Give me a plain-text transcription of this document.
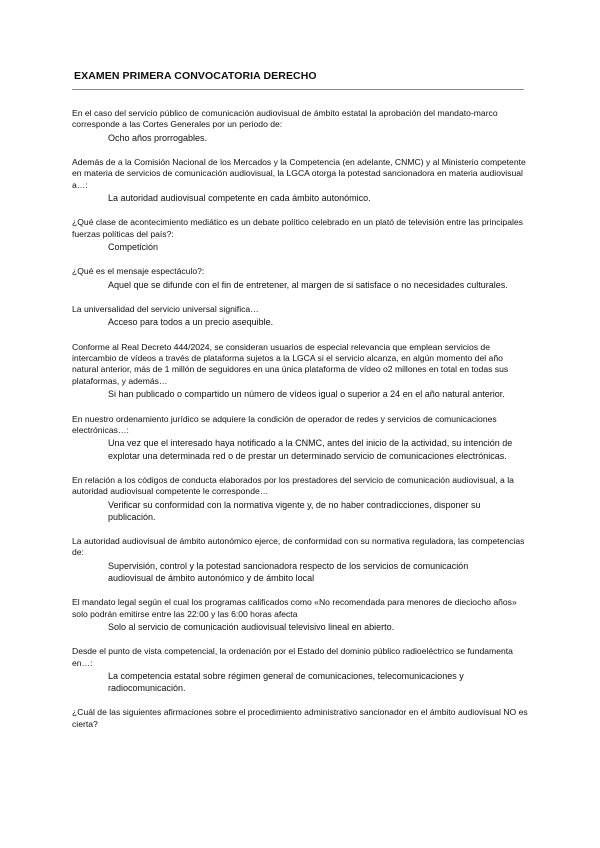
EXAMEN PRIMERA CONVOCATORIA DERECHO
En el caso del servicio público de comunicación audiovisual de ámbito estatal la aprobación del mandato-marco corresponde a las Cortes Generales por un periodo de:
Ocho años prorrogables.
Además de a la Comisión Nacional de los Mercados y la Competencia (en adelante, CNMC) y al Ministerio competente en materia de servicios de comunicación audiovisual, la LGCA otorga la potestad sancionadora en materia audiovisual a…:
La autoridad audiovisual competente en cada ámbito autonómico.
¿Qué clase de acontecimiento mediático es un debate político celebrado en un plató de televisión entre las principales fuerzas políticas del país?:
Competición
¿Qué es el mensaje espectáculo?:
Aquel que se difunde con el fin de entretener, al margen de si satisface o no necesidades culturales.
La universalidad del servicio universal significa…
Acceso para todos a un precio asequible.
Conforme al Real Decreto 444/2024, se consideran usuarios de especial relevancia que emplean servicios de intercambio de vídeos a través de plataforma sujetos a la LGCA si el servicio alcanza, en algún momento del año natural anterior, más de 1 millón de seguidores en una única plataforma de vídeo o2 millones en total en todas sus plataformas, y además…
Si han publicado o compartido un número de vídeos igual o superior a 24 en el año natural anterior.
En nuestro ordenamiento jurídico se adquiere la condición de operador de redes y servicios de comunicaciones electrónicas…:
Una vez que el interesado haya notificado a la CNMC, antes del inicio de la actividad, su intención de explotar una determinada red o de prestar un determinado servicio de comunicaciones electrónicas.
En relación a los códigos de conducta elaborados por los prestadores del servicio de comunicación audiovisual, a la autoridad audiovisual competente le corresponde…
Verificar su conformidad con la normativa vigente y, de no haber contradicciones, disponer su publicación.
La autoridad audiovisual de ámbito autonómico ejerce, de conformidad con su normativa reguladora, las competencias de:
Supervisión, control y la potestad sancionadora respecto de los servicios de comunicación audiovisual de ámbito autonómico y de ámbito local
El mandato legal según el cual los programas calificados como «No recomendada para menores de dieciocho años» solo podrán emitirse entre las 22:00 y las 6:00 horas afecta
Solo al servicio de comunicación audiovisual televisivo lineal en abierto.
Desde el punto de vista competencial, la ordenación por el Estado del dominio público radioeléctrico se fundamenta en…:
La competencia estatal sobre régimen general de comunicaciones, telecomunicaciones y radiocomunicación.
¿Cuál de las siguientes afirmaciones sobre el procedimiento administrativo sancionador en el ámbito audiovisual NO es cierta?
